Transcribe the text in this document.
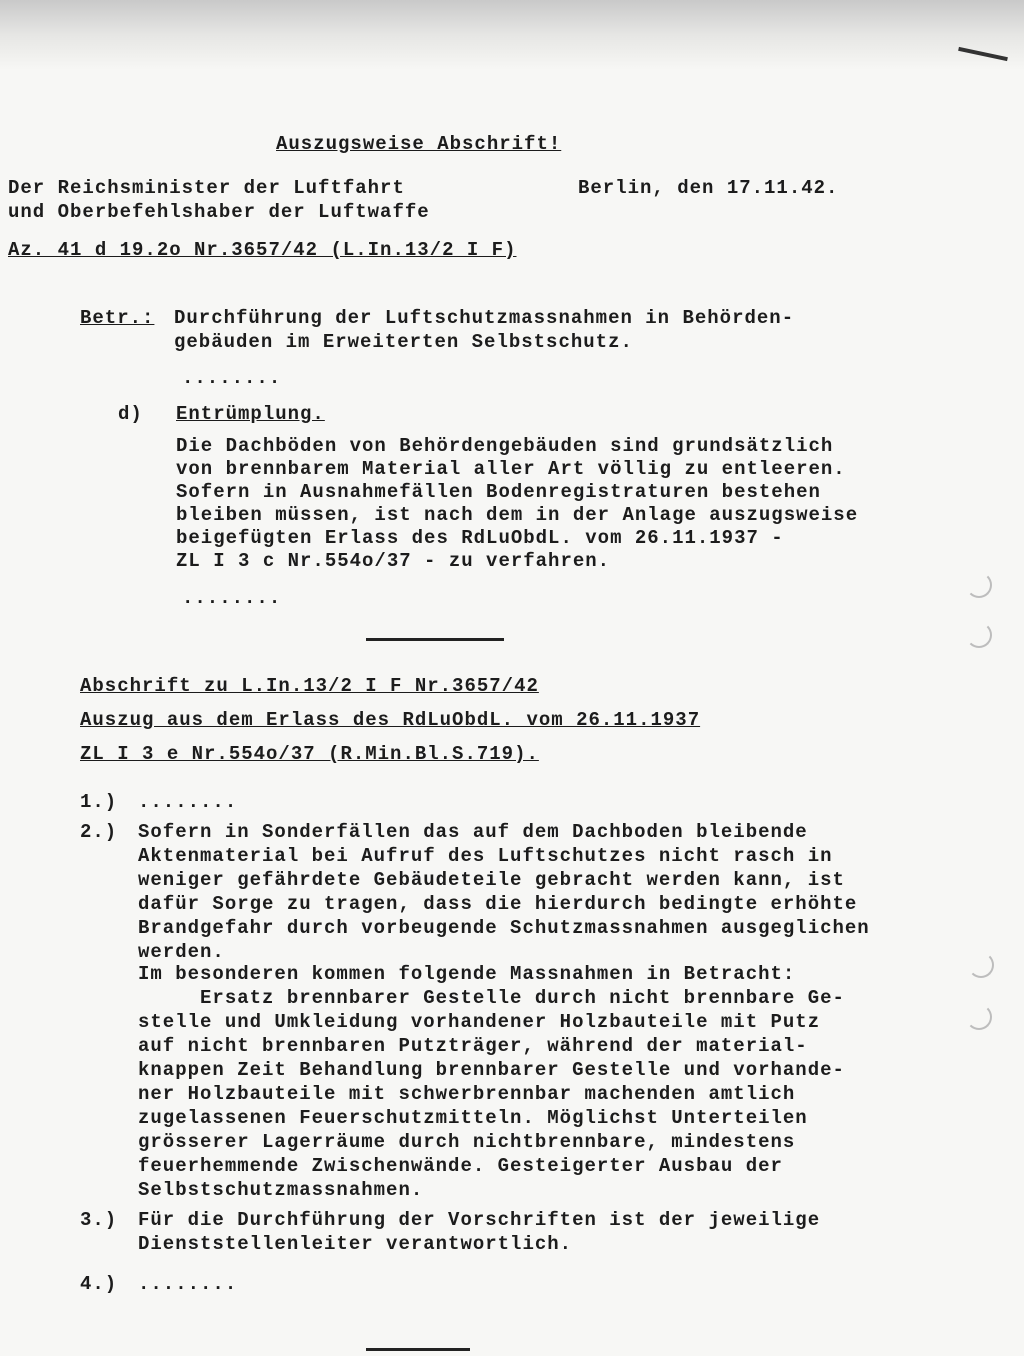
Auszugsweise Abschrift!
Der Reichsminister der Luftfahrt	Berlin, den 17.11.42.
und Oberbefehlshaber der Luftwaffe
Az. 41 d 19.2o Nr.3657/42 (L.In.13/2 I F)
Betr.: Durchführung der Luftschutzmassnahmen in Behörden-
gebäuden im Erweiterten Selbstschutz.
........
d) Entrümplung.
Die Dachböden von Behördengebäuden sind grundsätzlich
von brennbarem Material aller Art völlig zu entleeren.
Sofern in Ausnahmefällen Bodenregistraturen bestehen
bleiben müssen, ist nach dem in der Anlage auszugsweise
beigefügten Erlass des RdLuObdL. vom 26.11.1937 -
ZL I 3 c Nr.554o/37 - zu verfahren.
........
Abschrift zu L.In.13/2 I F Nr.3657/42
Auszug aus dem Erlass des RdLuObdL. vom 26.11.1937
ZL I 3 e Nr.554o/37 (R.Min.Bl.S.719).
1.) ........
2.) Sofern in Sonderfällen das auf dem Dachboden bleibende
Aktenmaterial bei Aufruf des Luftschutzes nicht rasch in
weniger gefährdete Gebäudeteile gebracht werden kann, ist
dafür Sorge zu tragen, dass die hierdurch bedingte erhöhte
Brandgefahr durch vorbeugende Schutzmassnahmen ausgeglichen
werden.
Im besonderen kommen folgende Massnahmen in Betracht:
Ersatz brennbarer Gestelle durch nicht brennbare Ge-
stelle und Umkleidung vorhandener Holzbauteile mit Putz
auf nicht brennbaren Putzträger, während der material-
knappen Zeit Behandlung brennbarer Gestelle und vorhande-
ner Holzbauteile mit schwerbrennbar machenden amtlich
zugelassenen Feuerschutzmitteln. Möglichst Unterteilen
grösserer Lagerräume durch nichtbrennbare, mindestens
feuerhemmende Zwischenwände. Gesteigerter Ausbau der
Selbstschutzmassnahmen.
3.) Für die Durchführung der Vorschriften ist der jeweilige
Dienststellenleiter verantwortlich.
4.) ........
